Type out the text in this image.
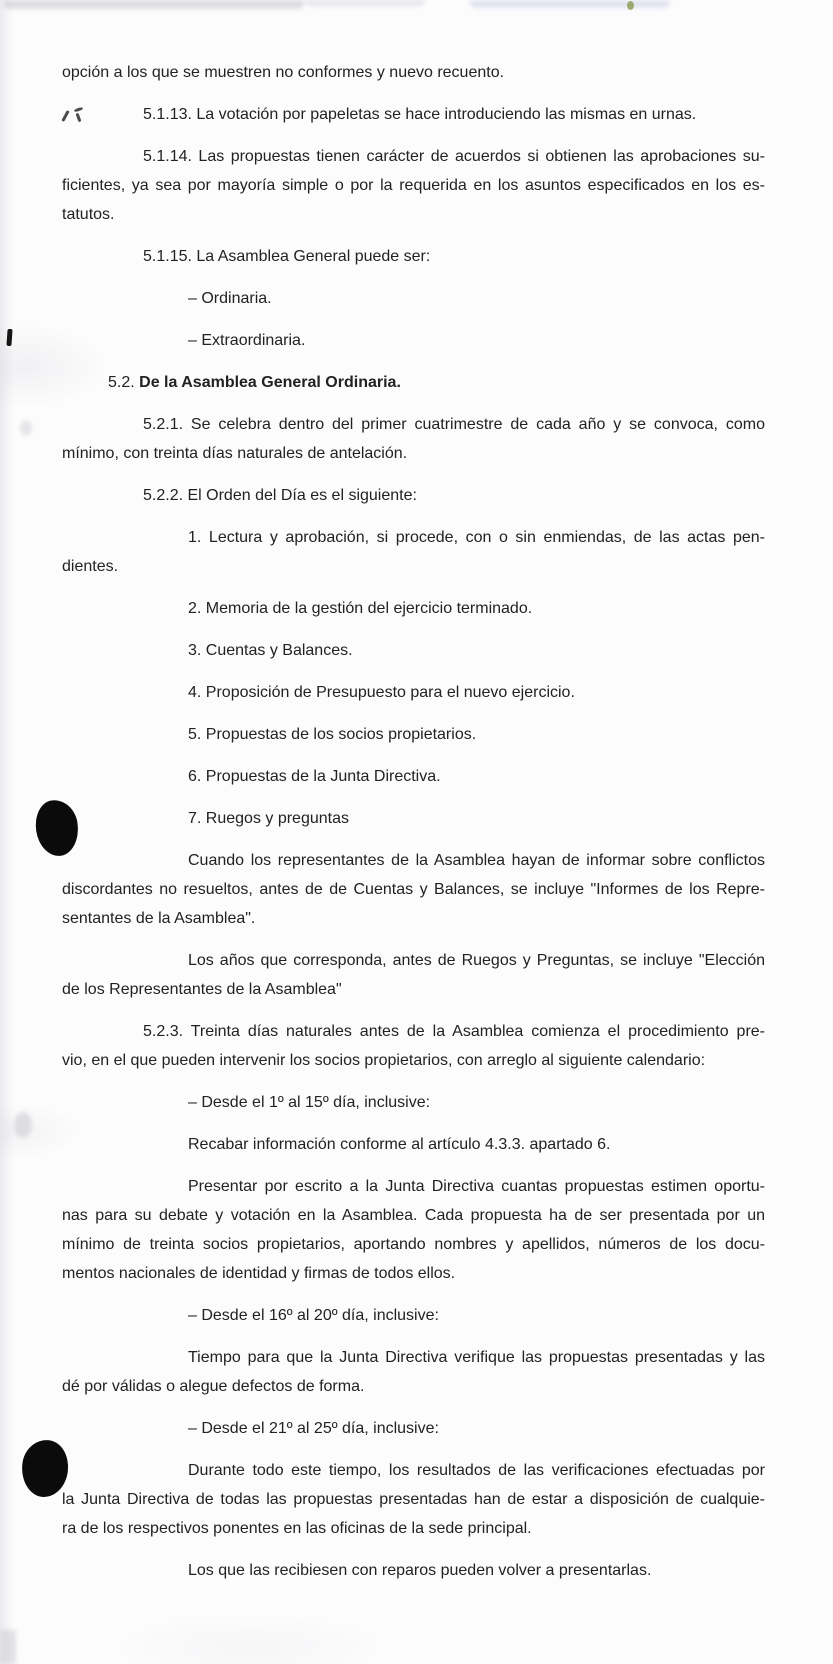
opción a los que se muestren no conformes y nuevo recuento.
5.1.13. La votación por papeletas se hace introduciendo las mismas en urnas.
5.1.14. Las propuestas tienen carácter de acuerdos si obtienen las aprobaciones su-
ficientes, ya sea por mayoría simple o por la requerida en los asuntos especificados en los es-
tatutos.
5.1.15. La Asamblea General puede ser:
– Ordinaria.
– Extraordinaria.
5.2. De la Asamblea General Ordinaria.
5.2.1. Se celebra dentro del primer cuatrimestre de cada año y se convoca, como
mínimo, con treinta días naturales de antelación.
5.2.2. El Orden del Día es el siguiente:
1. Lectura y aprobación, si procede, con o sin enmiendas, de las actas pen-
dientes.
2. Memoria de la gestión del ejercicio terminado.
3. Cuentas y Balances.
4. Proposición de Presupuesto para el nuevo ejercicio.
5. Propuestas de los socios propietarios.
6. Propuestas de la Junta Directiva.
7. Ruegos y preguntas
Cuando los representantes de la Asamblea hayan de informar sobre conflictos
discordantes no resueltos, antes de de Cuentas y Balances, se incluye "Informes de los Repre-
sentantes de la Asamblea".
Los años que corresponda, antes de Ruegos y Preguntas, se incluye "Elección
de los Representantes de la Asamblea"
5.2.3. Treinta días naturales antes de la Asamblea comienza el procedimiento pre-
vio, en el que pueden intervenir los socios propietarios, con arreglo al siguiente calendario:
– Desde el 1º al 15º día, inclusive:
Recabar información conforme al artículo 4.3.3. apartado 6.
Presentar por escrito a la Junta Directiva cuantas propuestas estimen oportu-
nas para su debate y votación en la Asamblea. Cada propuesta ha de ser presentada por un
mínimo de treinta socios propietarios, aportando nombres y apellidos, números de los docu-
mentos nacionales de identidad y firmas de todos ellos.
– Desde el 16º al 20º día, inclusive:
Tiempo para que la Junta Directiva verifique las propuestas presentadas y las
dé por válidas o alegue defectos de forma.
– Desde el 21º al 25º día, inclusive:
Durante todo este tiempo, los resultados de las verificaciones efectuadas por
la Junta Directiva de todas las propuestas presentadas han de estar a disposición de cualquie-
ra de los respectivos ponentes en las oficinas de la sede principal.
Los que las recibiesen con reparos pueden volver a presentarlas.
